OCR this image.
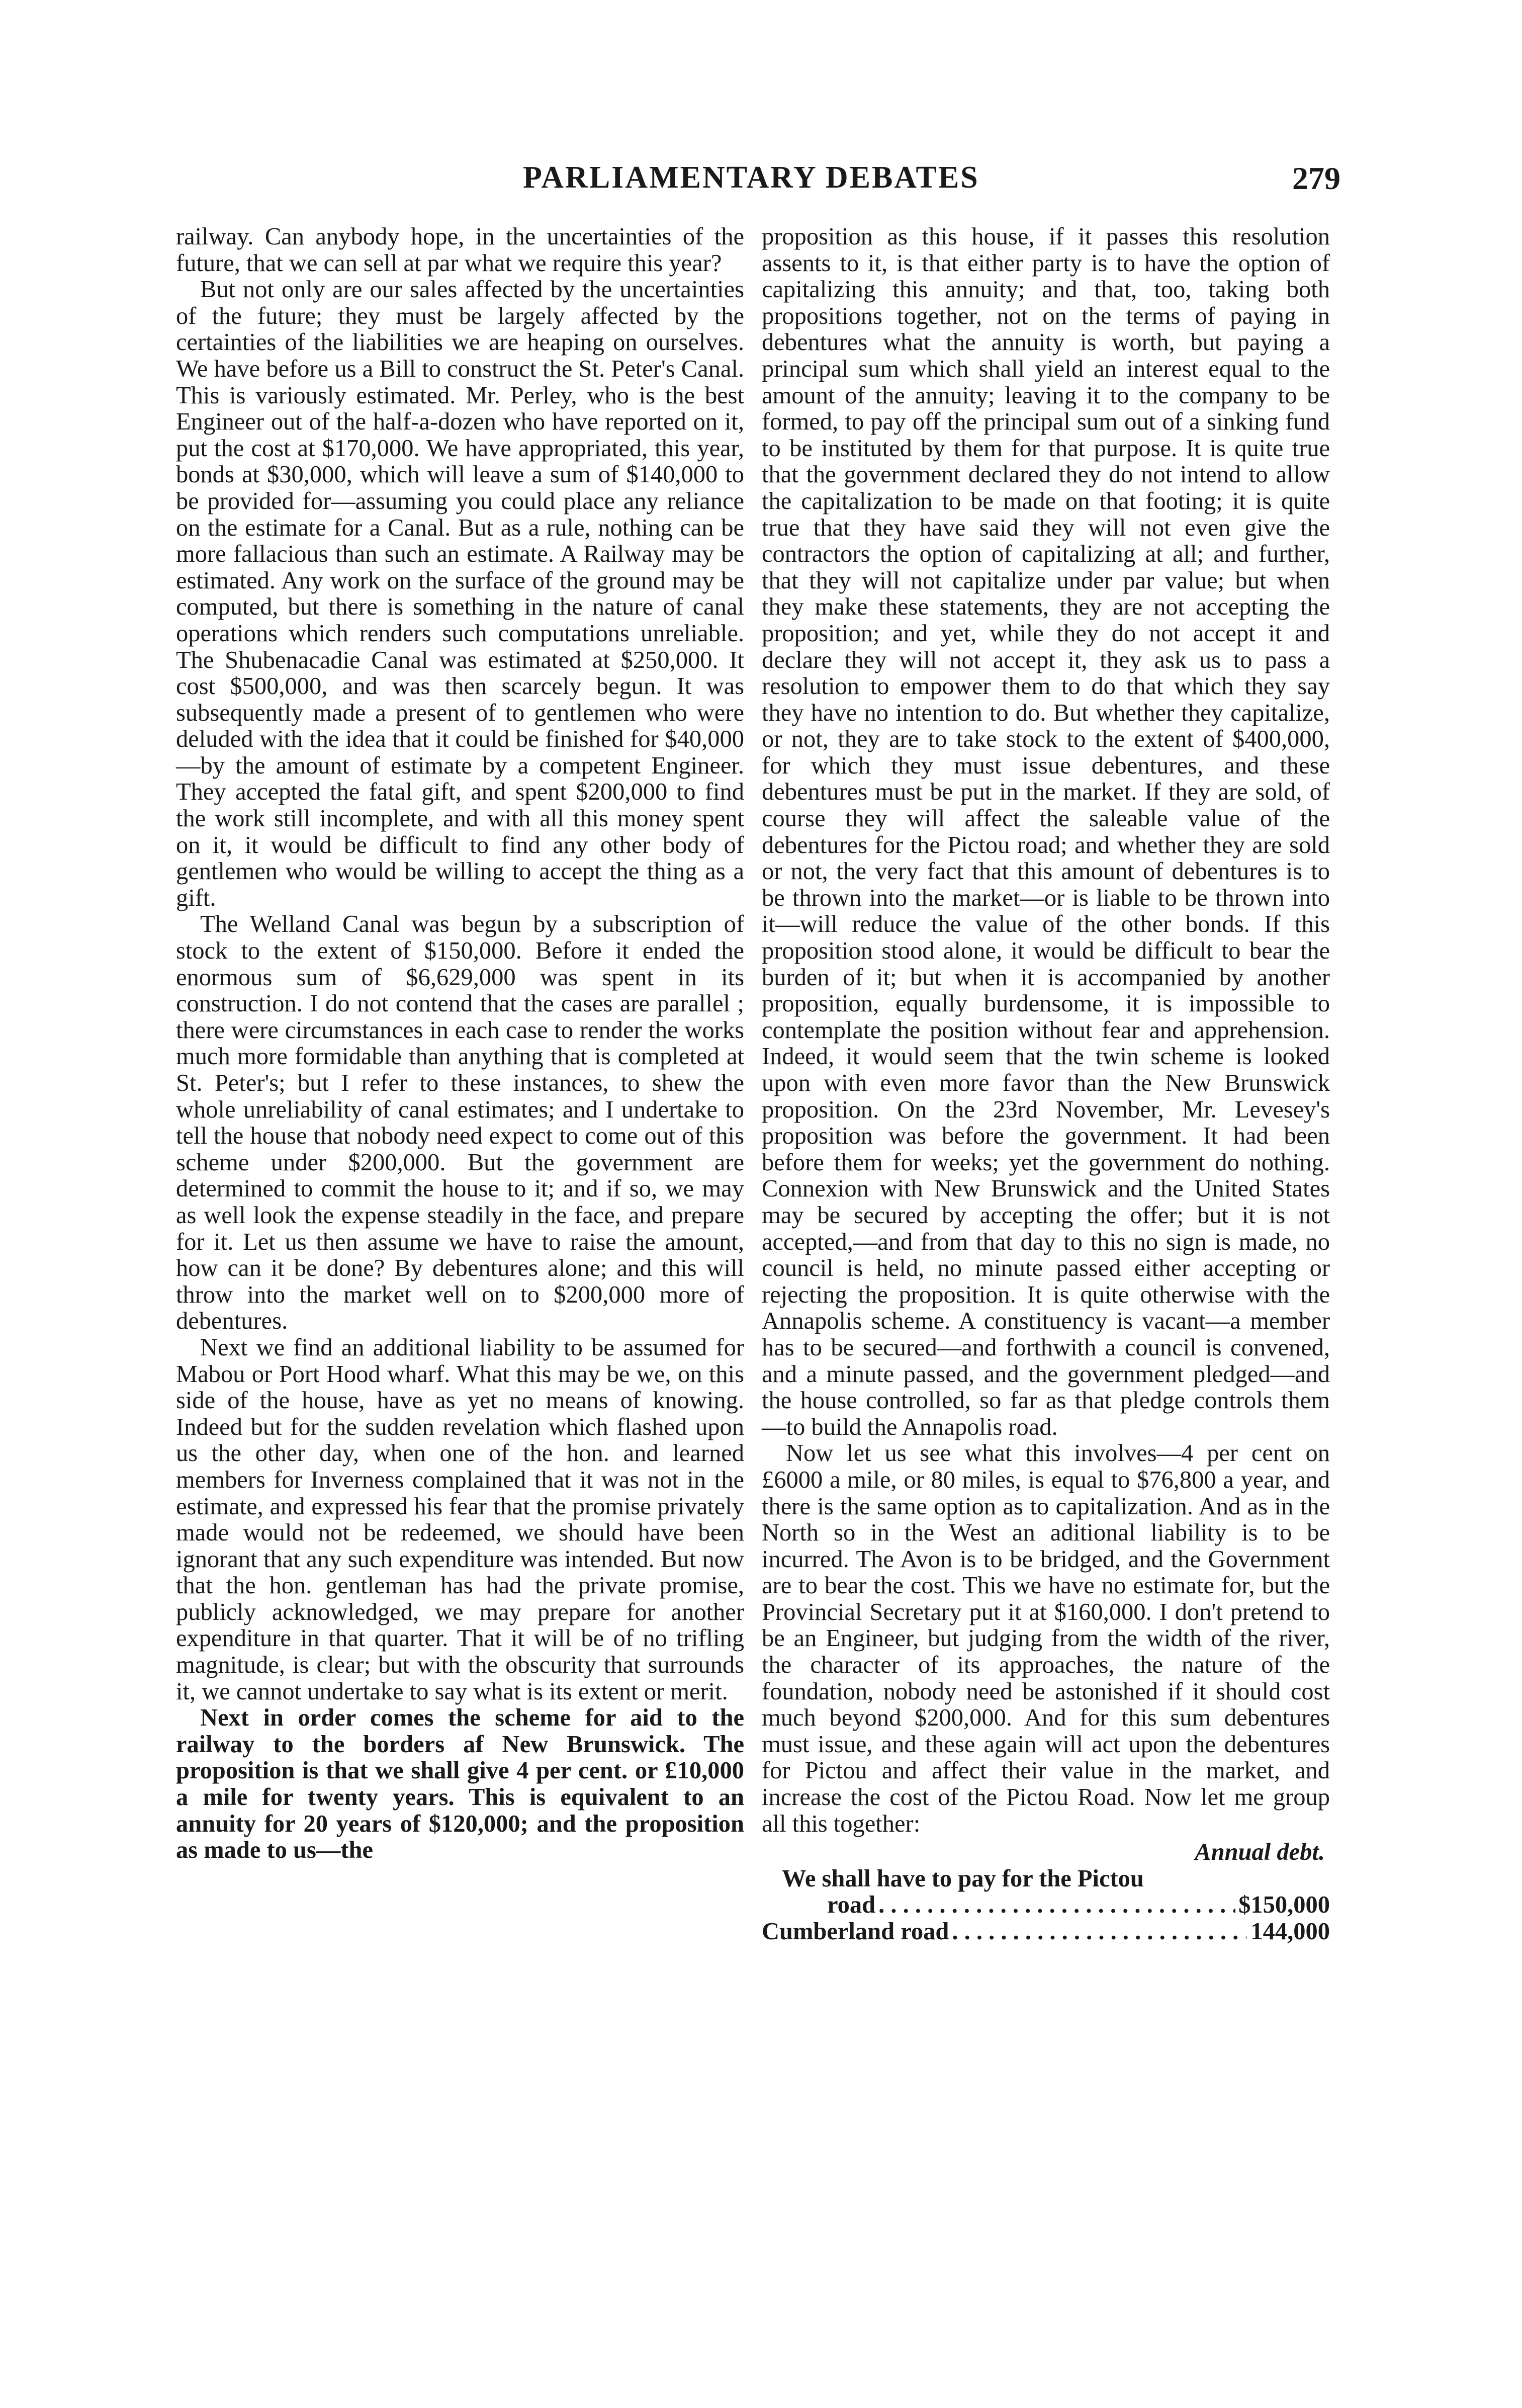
PARLIAMENTARY DEBATES	279

railway. Can anybody hope, in the uncertainties of the future, that we can sell at par what we require this year?

But not only are our sales affected by the uncertainties of the future; they must be largely affected by the certainties of the liabilities we are heaping on ourselves. We have before us a Bill to construct the St. Peter's Canal. This is variously estimated. Mr. Perley, who is the best Engineer out of the half-a-dozen who have reported on it, put the cost at $170,000. We have appropriated, this year, bonds at $30,000, which will leave a sum of $140,000 to be provided for—assuming you could place any reliance on the estimate for a Canal. But as a rule, nothing can be more fallacious than such an estimate. A Railway may be estimated. Any work on the surface of the ground may be computed, but there is something in the nature of canal operations which renders such computations unreliable. The Shubenacadie Canal was estimated at $250,000. It cost $500,000, and was then scarcely begun. It was subsequently made a present of to gentlemen who were deluded with the idea that it could be finished for $40,000—by the amount of estimate by a competent Engineer. They accepted the fatal gift, and spent $200,000 to find the work still incomplete, and with all this money spent on it, it would be difficult to find any other body of gentlemen who would be willing to accept the thing as a gift.

The Welland Canal was begun by a subscription of stock to the extent of $150,000. Before it ended the enormous sum of $6,629,000 was spent in its construction. I do not contend that the cases are parallel ; there were circumstances in each case to render the works much more formidable than anything that is completed at St. Peter's; but I refer to these instances, to shew the whole unreliability of canal estimates; and I undertake to tell the house that nobody need expect to come out of this scheme under $200,000. But the government are determined to commit the house to it; and if so, we may as well look the expense steadily in the face, and prepare for it. Let us then assume we have to raise the amount, how can it be done? By debentures alone; and this will throw into the market well on to $200,000 more of debentures.

Next we find an additional liability to be assumed for Mabou or Port Hood wharf. What this may be we, on this side of the house, have as yet no means of knowing. Indeed but for the sudden revelation which flashed upon us the other day, when one of the hon. and learned members for Inverness complained that it was not in the estimate, and expressed his fear that the promise privately made would not be redeemed, we should have been ignorant that any such expenditure was intended. But now that the hon. gentleman has had the private promise, publicly acknowledged, we may prepare for another expenditure in that quarter. That it will be of no trifling magnitude, is clear; but with the obscurity that surrounds it, we cannot undertake to say what is its extent or merit.

Next in order comes the scheme for aid to the railway to the borders af New Brunswick. The proposition is that we shall give 4 per cent. or £10,000 a mile for twenty years. This is equivalent to an annuity for 20 years of $120,000; and the proposition as made to us—the

proposition as this house, if it passes this resolution assents to it, is that either party is to have the option of capitalizing this annuity; and that, too, taking both propositions together, not on the terms of paying in debentures what the annuity is worth, but paying a principal sum which shall yield an interest equal to the amount of the annuity; leaving it to the company to be formed, to pay off the principal sum out of a sinking fund to be instituted by them for that purpose. It is quite true that the government declared they do not intend to allow the capitalization to be made on that footing; it is quite true that they have said they will not even give the contractors the option of capitalizing at all; and further, that they will not capitalize under par value; but when they make these statements, they are not accepting the proposition; and yet, while they do not accept it and declare they will not accept it, they ask us to pass a resolution to empower them to do that which they say they have no intention to do. But whether they capitalize, or not, they are to take stock to the extent of $400,000, for which they must issue debentures, and these debentures must be put in the market. If they are sold, of course they will affect the saleable value of the debentures for the Pictou road; and whether they are sold or not, the very fact that this amount of debentures is to be thrown into the market—or is liable to be thrown into it—will reduce the value of the other bonds. If this proposition stood alone, it would be difficult to bear the burden of it; but when it is accompanied by another proposition, equally burdensome, it is impossible to contemplate the position without fear and apprehension. Indeed, it would seem that the twin scheme is looked upon with even more favor than the New Brunswick proposition. On the 23rd November, Mr. Levesey's proposition was before the government. It had been before them for weeks; yet the government do nothing. Connexion with New Brunswick and the United States may be secured by accepting the offer; but it is not accepted,—and from that day to this no sign is made, no council is held, no minute passed either accepting or rejecting the proposition. It is quite otherwise with the Annapolis scheme. A constituency is vacant—a member has to be secured—and forthwith a council is convened, and a minute passed, and the government pledged—and the house controlled, so far as that pledge controls them—to build the Annapolis road.

Now let us see what this involves—4 per cent on £6000 a mile, or 80 miles, is equal to $76,800 a year, and there is the same option as to capitalization. And as in the North so in the West an aditional liability is to be incurred. The Avon is to be bridged, and the Government are to bear the cost. This we have no estimate for, but the Provincial Secretary put it at $160,000. I don't pretend to be an Engineer, but judging from the width of the river, the character of its approaches, the nature of the foundation, nobody need be astonished if it should cost much beyond $200,000. And for this sum debentures must issue, and these again will act upon the debentures for Pictou and affect their value in the market, and increase the cost of the Pictou Road. Now let me group all this together:

Annual debt.
We shall have to pay for the Pictou
road . . .	$150,000
Cumberland road . . .	144,000
